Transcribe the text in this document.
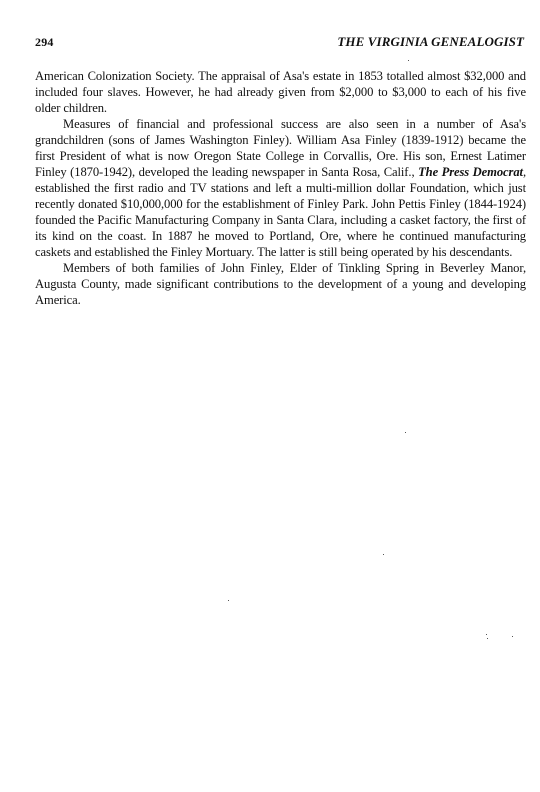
294	THE VIRGINIA GENEALOGIST

American Colonization Society. The appraisal of Asa's estate in 1853 totalled almost $32,000 and included four slaves. However, he had already given from $2,000 to $3,000 to each of his five older children.

Measures of financial and professional success are also seen in a number of Asa's grandchildren (sons of James Washington Finley). William Asa Finley (1839-1912) became the first President of what is now Oregon State College in Corvallis, Ore. His son, Ernest Latimer Finley (1870-1942), developed the leading newspaper in Santa Rosa, Calif., The Press Democrat, established the first radio and TV stations and left a multi-million dollar Foundation, which just recently donated $10,000,000 for the establishment of Finley Park. John Pettis Finley (1844-1924) founded the Pacific Manufacturing Company in Santa Clara, including a casket factory, the first of its kind on the coast. In 1887 he moved to Portland, Ore, where he continued manufacturing caskets and established the Finley Mortuary. The latter is still being operated by his descendants.

Members of both families of John Finley, Elder of Tinkling Spring in Beverley Manor, Augusta County, made significant contributions to the development of a young and developing America.
